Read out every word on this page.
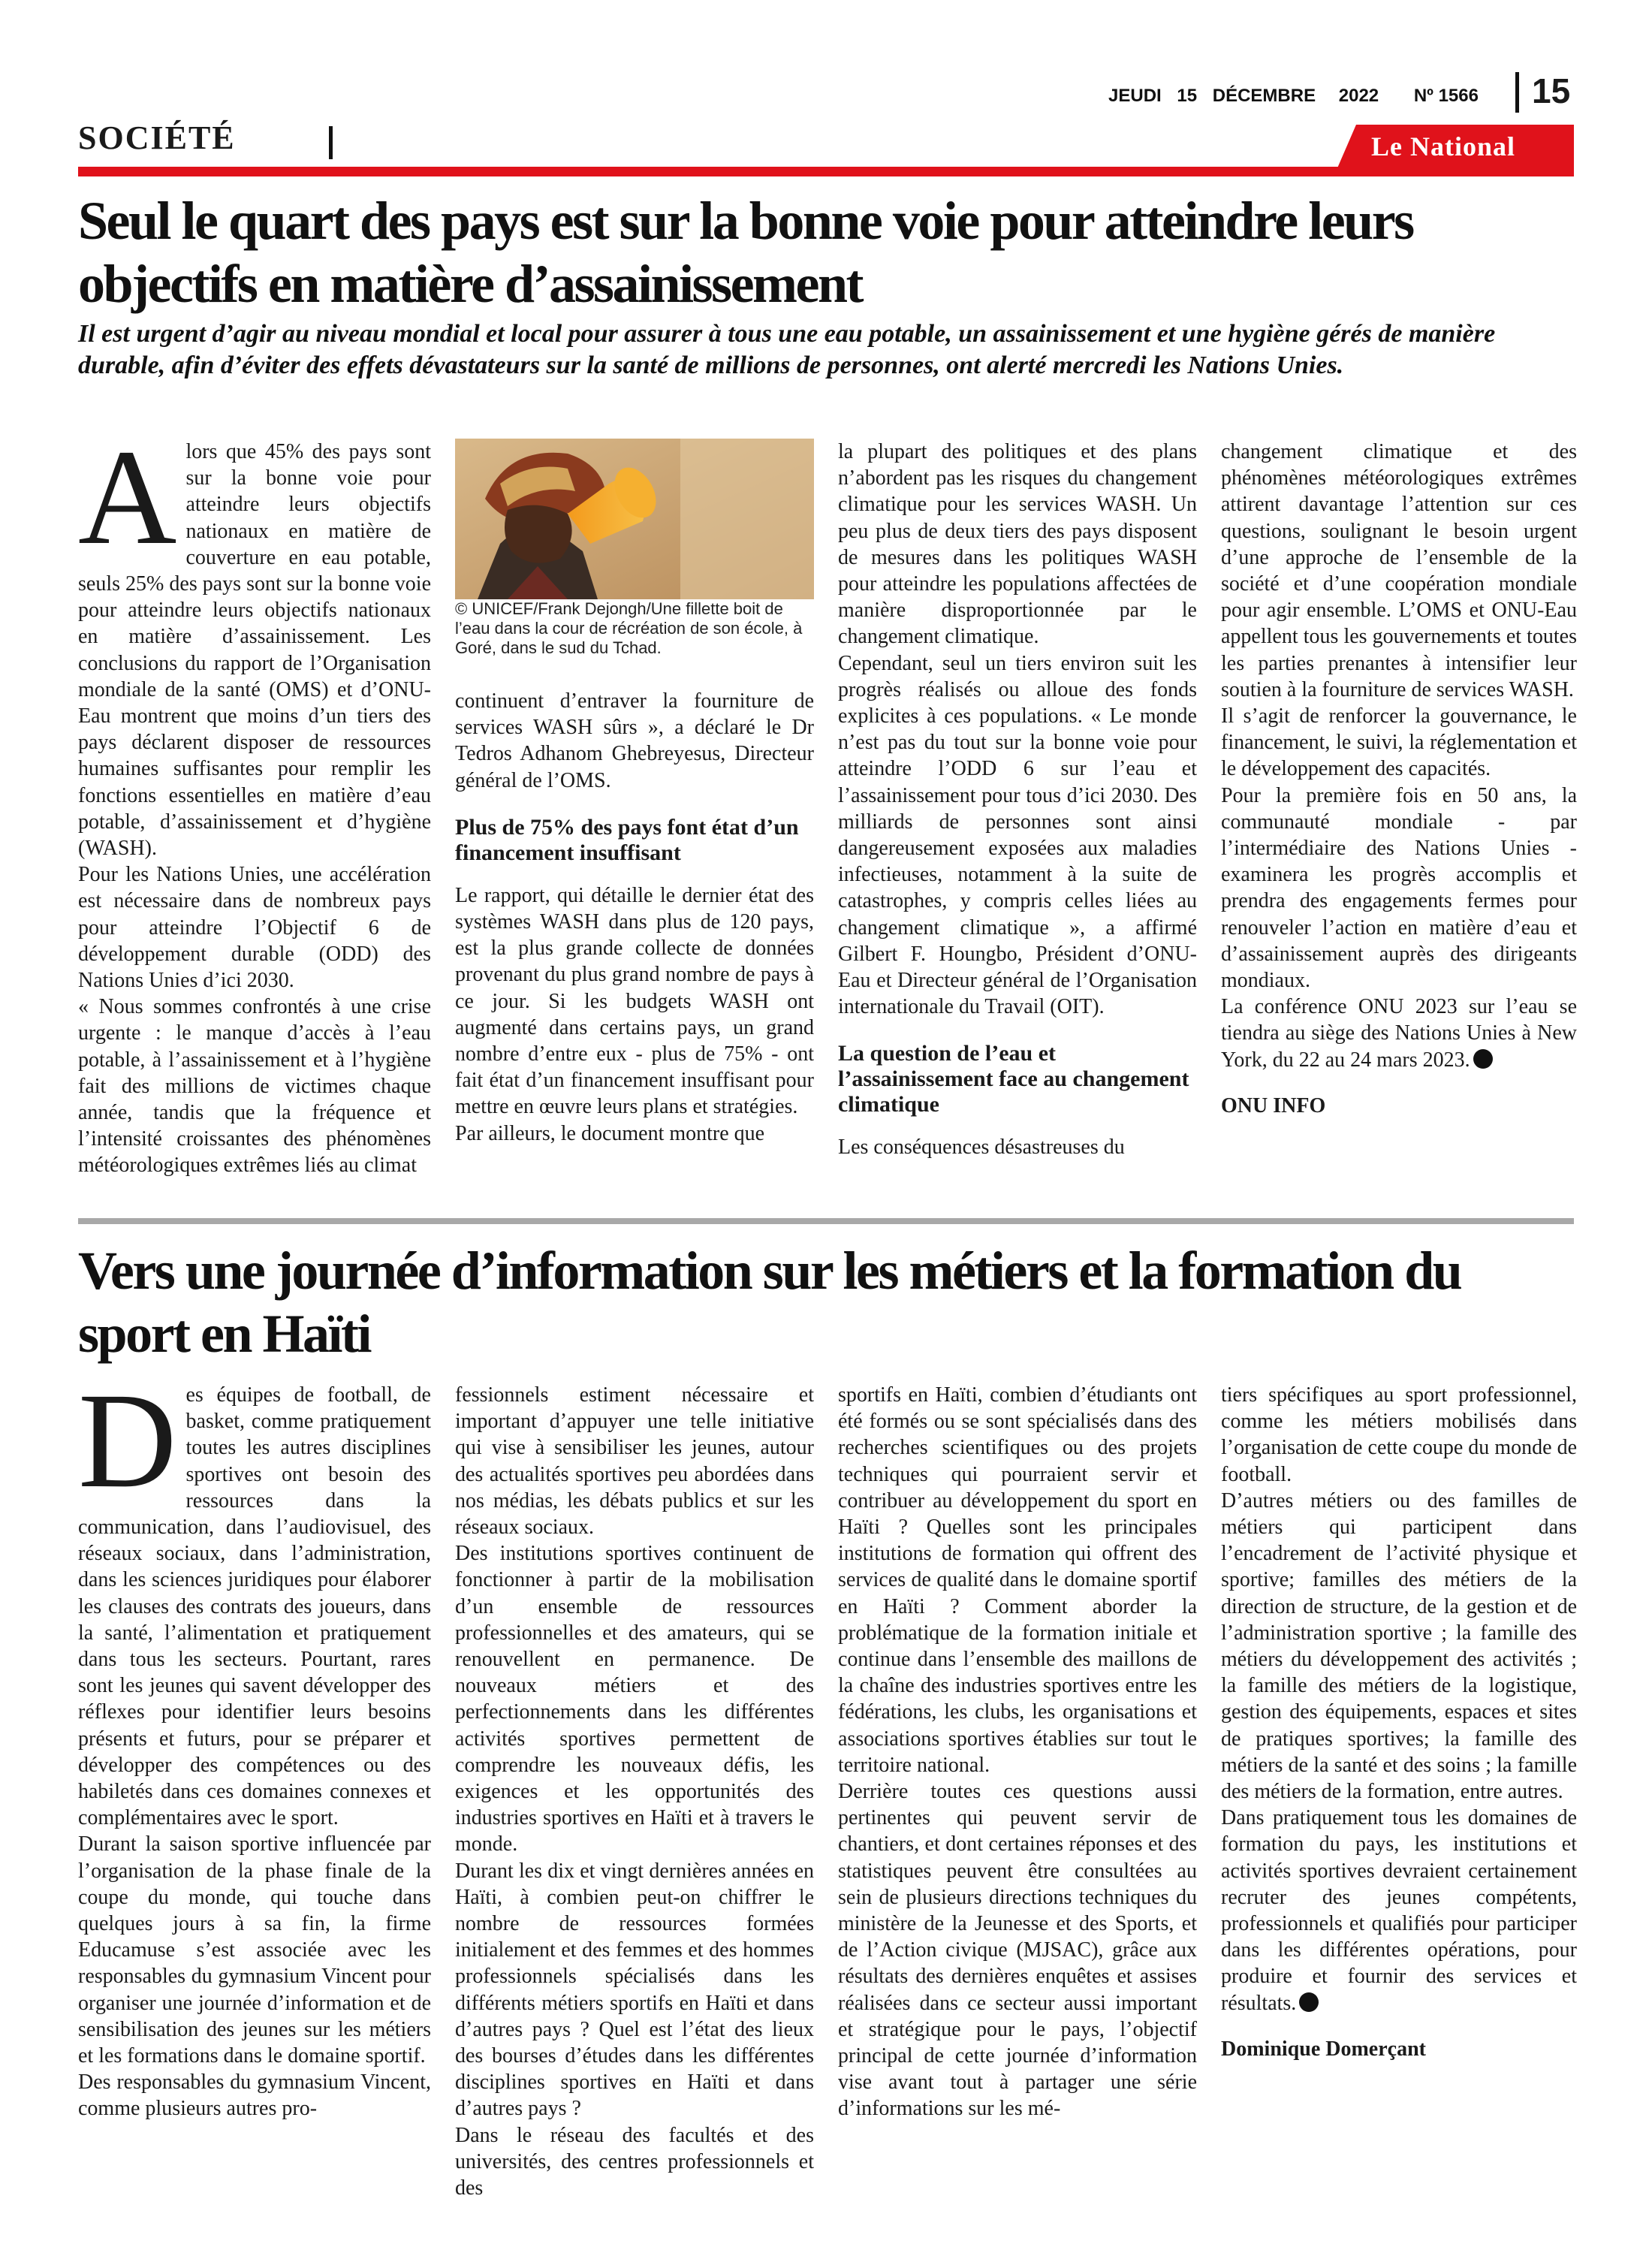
SOCIÉTÉ
JEUDI 15 DÉCEMBRE 2022 Nº 1566 15
Le National
Seul le quart des pays est sur la bonne voie pour atteindre leurs objectifs en matière d’assainissement

Il est urgent d’agir au niveau mondial et local pour assurer à tous une eau potable, un assainissement et une hygiène gérés de manière durable, afin d’éviter des effets dévastateurs sur la santé de millions de personnes, ont alerté mercredi les Nations Unies.

Alors que 45% des pays sont sur la bonne voie pour atteindre leurs objectifs nationaux en matière de couverture en eau potable, seuls 25% des pays sont sur la bonne voie pour atteindre leurs objectifs nationaux en matière d’assainissement. Les conclusions du rapport de l’Organisation mondiale de la santé (OMS) et d’ONU-Eau montrent que moins d’un tiers des pays déclarent disposer de ressources humaines suffisantes pour remplir les fonctions essentielles en matière d’eau potable, d’assainissement et d’hygiène (WASH).

Pour les Nations Unies, une accélération est nécessaire dans de nombreux pays pour atteindre l’Objectif 6 de développement durable (ODD) des Nations Unies d’ici 2030.

« Nous sommes confrontés à une crise urgente : le manque d’accès à l’eau potable, à l’assainissement et à l’hygiène fait des millions de victimes chaque année, tandis que la fréquence et l’intensité croissantes des phénomènes météorologiques extrêmes liés au climat

© UNICEF/Frank Dejongh/Une fillette boit de l’eau dans la cour de récréation de son école, à Goré, dans le sud du Tchad.

continuent d’entraver la fourniture de services WASH sûrs », a déclaré le Dr Tedros Adhanom Ghebreyesus, Directeur général de l’OMS.

Plus de 75% des pays font état d’un financement insuffisant

Le rapport, qui détaille le dernier état des systèmes WASH dans plus de 120 pays, est la plus grande collecte de données provenant du plus grand nombre de pays à ce jour. Si les budgets WASH ont augmenté dans certains pays, un grand nombre d’entre eux - plus de 75% - ont fait état d’un financement insuffisant pour mettre en œuvre leurs plans et stratégies.

Par ailleurs, le document montre que

la plupart des politiques et des plans n’abordent pas les risques du changement climatique pour les services WASH. Un peu plus de deux tiers des pays disposent de mesures dans les politiques WASH pour atteindre les populations affectées de manière disproportionnée par le changement climatique.

Cependant, seul un tiers environ suit les progrès réalisés ou alloue des fonds explicites à ces populations. « Le monde n’est pas du tout sur la bonne voie pour atteindre l’ODD 6 sur l’eau et l’assainissement pour tous d’ici 2030. Des milliards de personnes sont ainsi dangereusement exposées aux maladies infectieuses, notamment à la suite de catastrophes, y compris celles liées au changement climatique », a affirmé Gilbert F. Houngbo, Président d’ONU-Eau et Directeur général de l’Organisation internationale du Travail (OIT).

La question de l’eau et l’assainissement face au changement climatique

Les conséquences désastreuses du

changement climatique et des phénomènes météorologiques extrêmes attirent davantage l’attention sur ces questions, soulignant le besoin urgent d’une approche de l’ensemble de la société et d’une coopération mondiale pour agir ensemble. L’OMS et ONU-Eau appellent tous les gouvernements et toutes les parties prenantes à intensifier leur soutien à la fourniture de services WASH.

Il s’agit de renforcer la gouvernance, le financement, le suivi, la réglementation et le développement des capacités.

Pour la première fois en 50 ans, la communauté mondiale - par l’intermédiaire des Nations Unies - examinera les progrès accomplis et prendra des engagements fermes pour renouveler l’action en matière d’eau et d’assainissement auprès des dirigeants mondiaux.

La conférence ONU 2023 sur l’eau se tiendra au siège des Nations Unies à New York, du 22 au 24 mars 2023.

ONU INFO

Vers une journée d’information sur les métiers et la formation du sport en Haïti

Des équipes de football, de basket, comme pratiquement toutes les autres disciplines sportives ont besoin des ressources dans la communication, dans l’audiovisuel, des réseaux sociaux, dans l’administration, dans les sciences juridiques pour élaborer les clauses des contrats des joueurs, dans la santé, l’alimentation et pratiquement dans tous les secteurs. Pourtant, rares sont les jeunes qui savent développer des réflexes pour identifier leurs besoins présents et futurs, pour se préparer et développer des compétences ou des habiletés dans ces domaines connexes et complémentaires avec le sport.

Durant la saison sportive influencée par l’organisation de la phase finale de la coupe du monde, qui touche dans quelques jours à sa fin, la firme Educamuse s’est associée avec les responsables du gymnasium Vincent pour organiser une journée d’information et de sensibilisation des jeunes sur les métiers et les formations dans le domaine sportif.

Des responsables du gymnasium Vincent, comme plusieurs autres pro-

fessionnels estiment nécessaire et important d’appuyer une telle initiative qui vise à sensibiliser les jeunes, autour des actualités sportives peu abordées dans nos médias, les débats publics et sur les réseaux sociaux.

Des institutions sportives continuent de fonctionner à partir de la mobilisation d’un ensemble de ressources professionnelles et des amateurs, qui se renouvellent en permanence. De nouveaux métiers et des perfectionnements dans les différentes activités sportives permettent de comprendre les nouveaux défis, les exigences et les opportunités des industries sportives en Haïti et à travers le monde.

Durant les dix et vingt dernières années en Haïti, à combien peut-on chiffrer le nombre de ressources formées initialement et des femmes et des hommes professionnels spécialisés dans les différents métiers sportifs en Haïti et dans d’autres pays ? Quel est l’état des lieux des bourses d’études dans les différentes disciplines sportives en Haïti et dans d’autres pays ?

Dans le réseau des facultés et des universités, des centres professionnels et des

sportifs en Haïti, combien d’étudiants ont été formés ou se sont spécialisés dans des recherches scientifiques ou des projets techniques qui pourraient servir et contribuer au développement du sport en Haïti ? Quelles sont les principales institutions de formation qui offrent des services de qualité dans le domaine sportif en Haïti ? Comment aborder la problématique de la formation initiale et continue dans l’ensemble des maillons de la chaîne des industries sportives entre les fédérations, les clubs, les organisations et associations sportives établies sur tout le territoire national.

Derrière toutes ces questions aussi pertinentes qui peuvent servir de chantiers, et dont certaines réponses et des statistiques peuvent être consultées au sein de plusieurs directions techniques du ministère de la Jeunesse et des Sports, et de l’Action civique (MJSAC), grâce aux résultats des dernières enquêtes et assises réalisées dans ce secteur aussi important et stratégique pour le pays, l’objectif principal de cette journée d’information vise avant tout à partager une série d’informations sur les mé-

tiers spécifiques au sport professionnel, comme les métiers mobilisés dans l’organisation de cette coupe du monde de football.

D’autres métiers ou des familles de métiers qui participent dans l’encadrement de l’activité physique et sportive; familles des métiers de la direction de structure, de la gestion et de l’administration sportive ; la famille des métiers du développement des activités ; la famille des métiers de la logistique, gestion des équipements, espaces et sites de pratiques sportives; la famille des métiers de la santé et des soins ; la famille des métiers de la formation, entre autres.

Dans pratiquement tous les domaines de formation du pays, les institutions et activités sportives devraient certainement recruter des jeunes compétents, professionnels et qualifiés pour participer dans les différentes opérations, pour produire et fournir des services et résultats.

Dominique Domerçant
